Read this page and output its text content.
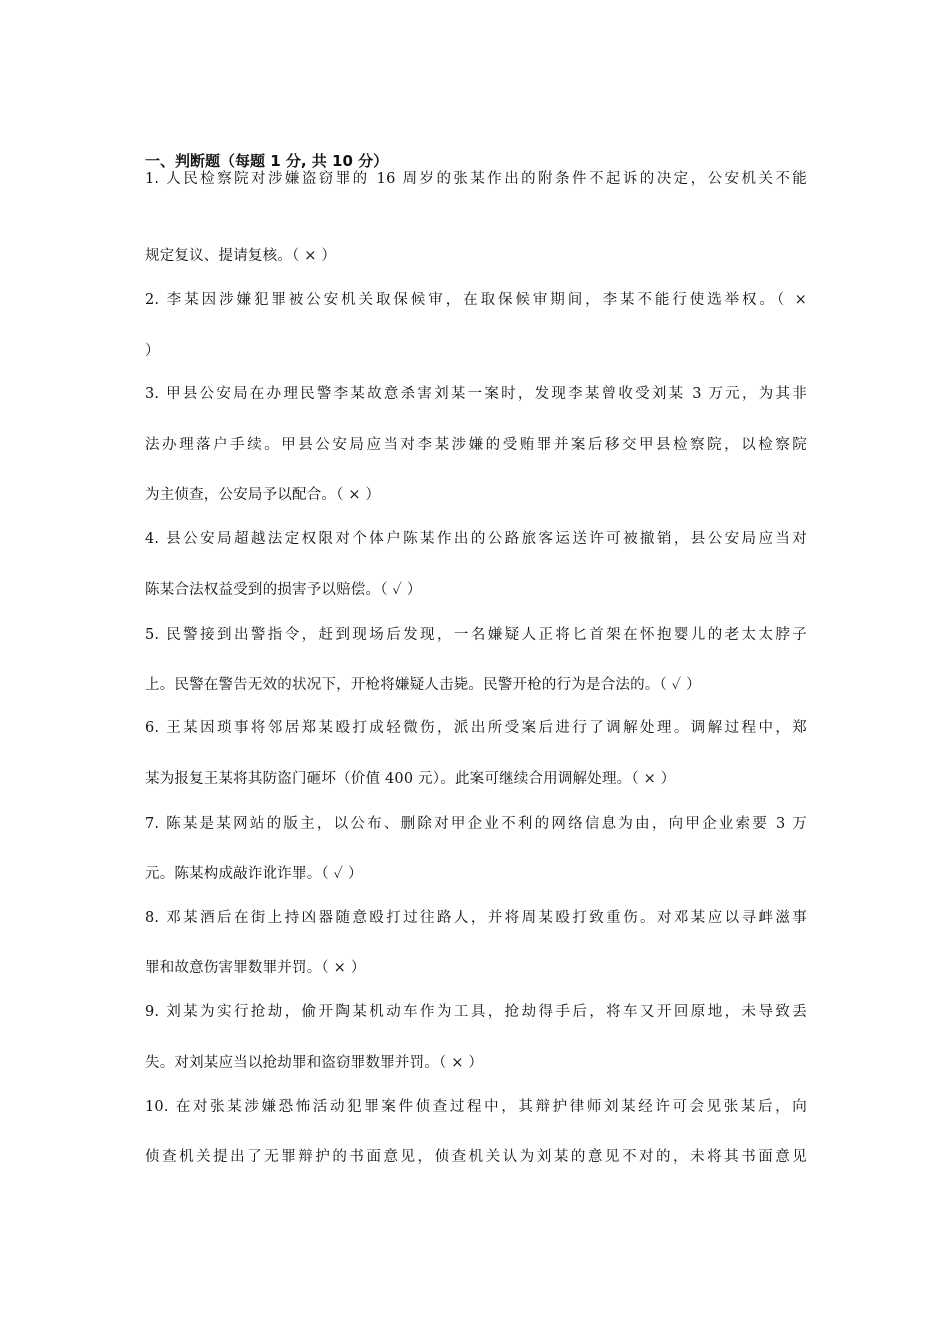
一、判断题（每题 1 分, 共 10 分）
1. 人民检察院对涉嫌盗窃罪的 16 周岁的张某作出的附条件不起诉的决定，公安机关不能
规定复议、提请复核。（ × ）
2. 李某因涉嫌犯罪被公安机关取保候审，在取保候审期间，李某不能行使选举权。（ ×
）
3. 甲县公安局在办理民警李某故意杀害刘某一案时，发现李某曾收受刘某 3 万元，为其非
法办理落户手续。甲县公安局应当对李某涉嫌的受贿罪并案后移交甲县检察院，以检察院
为主侦查，公安局予以配合。（ × ）
4. 县公安局超越法定权限对个体户陈某作出的公路旅客运送许可被撤销，县公安局应当对
陈某合法权益受到的损害予以赔偿。（ ✓ ）
5. 民警接到出警指令，赶到现场后发现，一名嫌疑人正将匕首架在怀抱婴儿的老太太脖子
上。民警在警告无效的状况下，开枪将嫌疑人击毙。民警开枪的行为是合法的。（ ✓ ）
6. 王某因琐事将邻居郑某殴打成轻微伤，派出所受案后进行了调解处理。调解过程中，郑
某为报复王某将其防盗门砸坏（价值 400 元）。此案可继续合用调解处理。（ × ）
7. 陈某是某网站的版主，以公布、删除对甲企业不利的网络信息为由，向甲企业索要 3 万
元。陈某构成敲诈讹诈罪。（ ✓ ）
8. 邓某酒后在街上持凶器随意殴打过往路人，并将周某殴打致重伤。对邓某应以寻衅滋事
罪和故意伤害罪数罪并罚。（ × ）
9. 刘某为实行抢劫，偷开陶某机动车作为工具，抢劫得手后，将车又开回原地，未导致丢
失。对刘某应当以抢劫罪和盗窃罪数罪并罚。（ × ）
10. 在对张某涉嫌恐怖活动犯罪案件侦查过程中，其辩护律师刘某经许可会见张某后，向
侦查机关提出了无罪辩护的书面意见，侦查机关认为刘某的意见不对的，未将其书面意见
